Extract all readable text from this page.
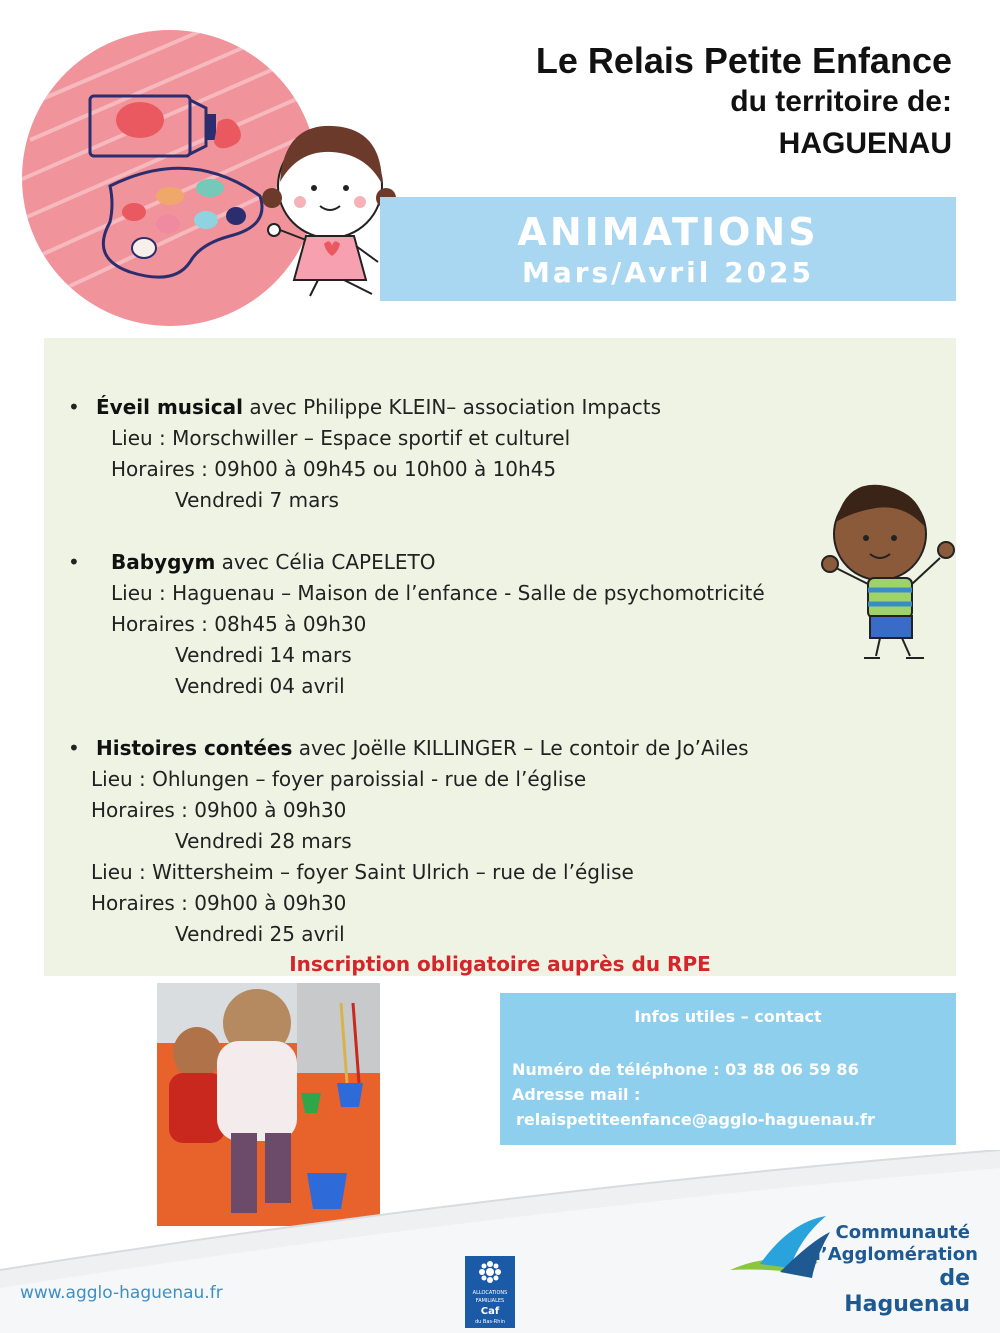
Le Relais Petite Enfance
du territoire de:
HAGUENAU
ANIMATIONS
Mars/Avril 2025
• Éveil musical avec Philippe KLEIN– association Impacts
Lieu : Morschwiller – Espace sportif et culturel
Horaires : 09h00 à 09h45 ou 10h00 à 10h45
Vendredi 7 mars
• Babygym avec Célia CAPELETO
Lieu : Haguenau – Maison de l’enfance - Salle de psychomotricité
Horaires : 08h45 à 09h30
Vendredi 14 mars
Vendredi 04 avril
• Histoires contées avec Joëlle KILLINGER – Le contoir de Jo’Ailes
Lieu : Ohlungen – foyer paroissial - rue de l’église
Horaires : 09h00 à 09h30
Vendredi 28 mars
Lieu : Wittersheim – foyer Saint Ulrich – rue de l’église
Horaires : 09h00 à 09h30
Vendredi 25 avril
Inscription obligatoire auprès du RPE
Infos utiles – contact
Numéro de téléphone : 03 88 06 59 86
Adresse mail :
relaispetiteenfance@agglo-haguenau.fr
www.agglo-haguenau.fr	ALLOCATIONS
FAMILIALES
Caf
du Bas-Rhin
Communauté
d’Agglomération
de Haguenau
